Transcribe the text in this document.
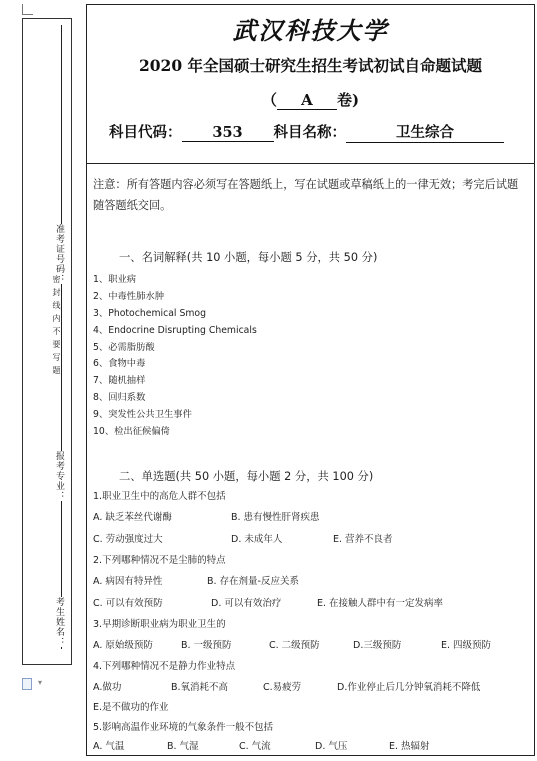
准考证号码：
报考专业：
考生姓名：
密封线内不要写题
▾
武汉科技大学
2020 年全国硕士研究生招生考试初试自命题试题
（ A 卷)
科目代码： 353 科目名称：	卫生综合
注意：所有答题内容必须写在答题纸上，写在试题或草稿纸上的一律无效；考完后试题随答题纸交回。
一、名词解释(共 10 小题，每小题 5 分，共 50 分)
1、职业病
2、中毒性肺水肿
3、Photochemical Smog
4、Endocrine Disrupting Chemicals
5、必需脂肪酸
6、食物中毒
7、随机抽样
8、回归系数
9、突发性公共卫生事件
10、检出征候偏倚
二、单选题(共 50 小题，每小题 2 分，共 100 分)
1.职业卫生中的高危人群不包括
A. 缺乏苯丝代谢酶	B. 患有慢性肝肾疾患
C. 劳动强度过大	D. 未成年人	E. 营养不良者
2.下列哪种情况不是尘肺的特点
A. 病因有特异性	B. 存在剂量-反应关系
C. 可以有效预防	D. 可以有效治疗	E. 在接触人群中有一定发病率
3.早期诊断职业病为职业卫生的
A. 原始级预防	B. 一级预防	C. 二级预防	D.三级预防	E. 四级预防
4.下列哪种情况不是静力作业特点
A.做功	B.氧消耗不高	C.易疲劳	D.作业停止后几分钟氧消耗不降低
E.是不做功的作业
5.影响高温作业环境的气象条件一般不包括
A. 气温	B. 气湿	C. 气流	D. 气压	E. 热辐射
